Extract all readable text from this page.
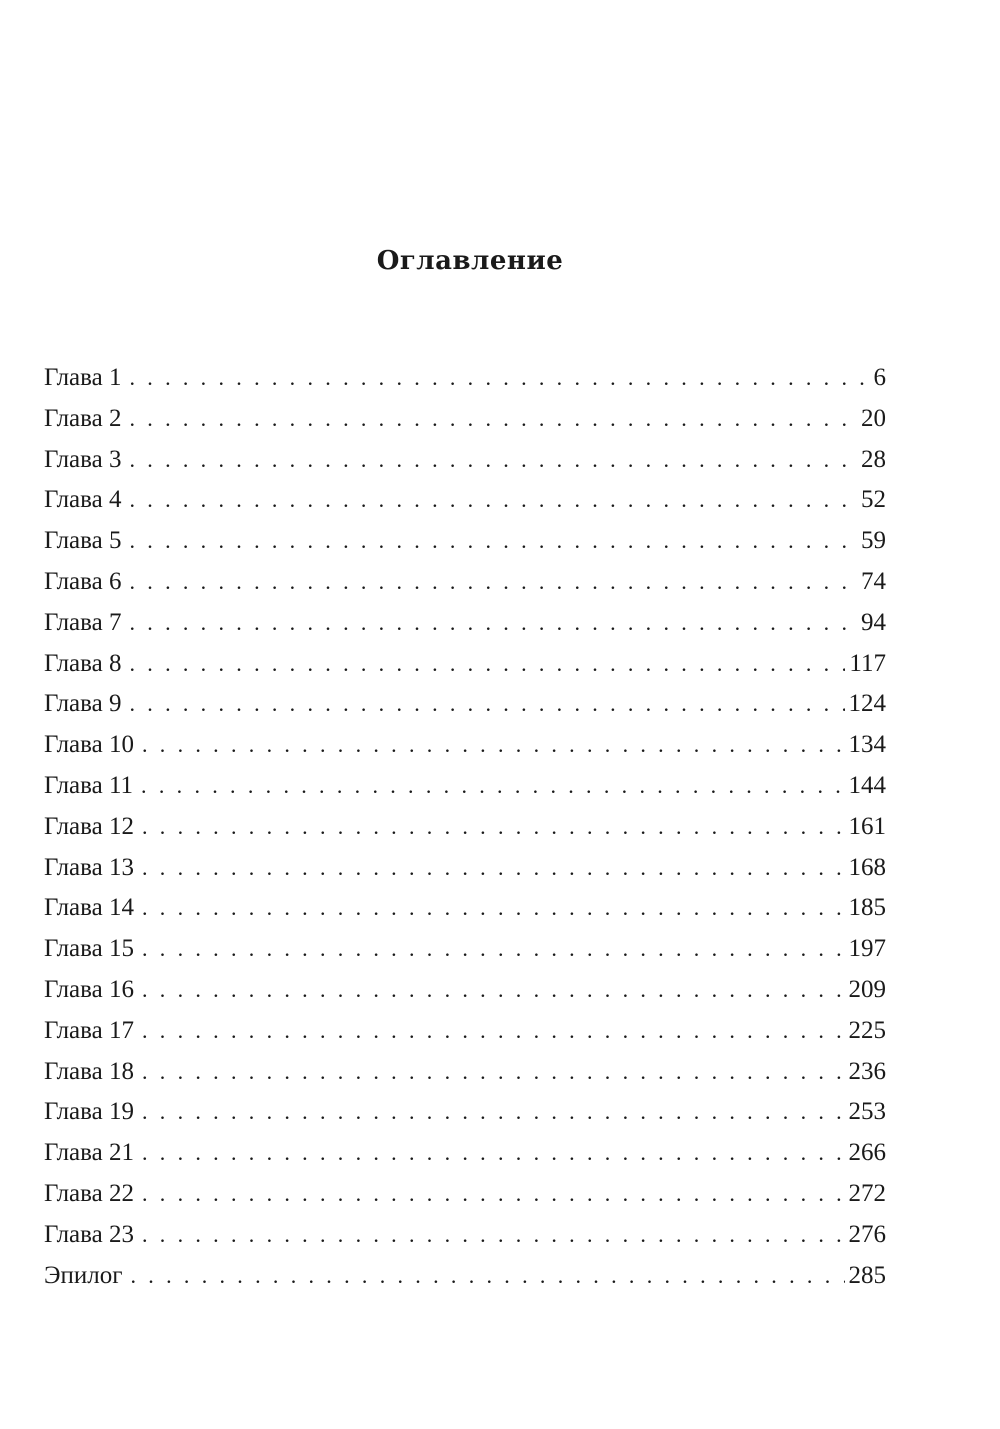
Оглавление
Глава 1 . . .	6
Глава 2 . . .	20
Глава 3 . . .	28
Глава 4 . . .	52
Глава 5 . . .	59
Глава 6 . . .	74
Глава 7 . . .	94
Глава 8 . . .	117
Глава 9 . . .	124
Глава 10 . . .	134
Глава 11 . . .	144
Глава 12 . . .	161
Глава 13 . . .	168
Глава 14 . . .	185
Глава 15 . . .	197
Глава 16 . . .	209
Глава 17 . . .	225
Глава 18 . . .	236
Глава 19 . . .	253
Глава 21 . . .	266
Глава 22 . . .	272
Глава 23 . . .	276
Эпилог . . .	285
